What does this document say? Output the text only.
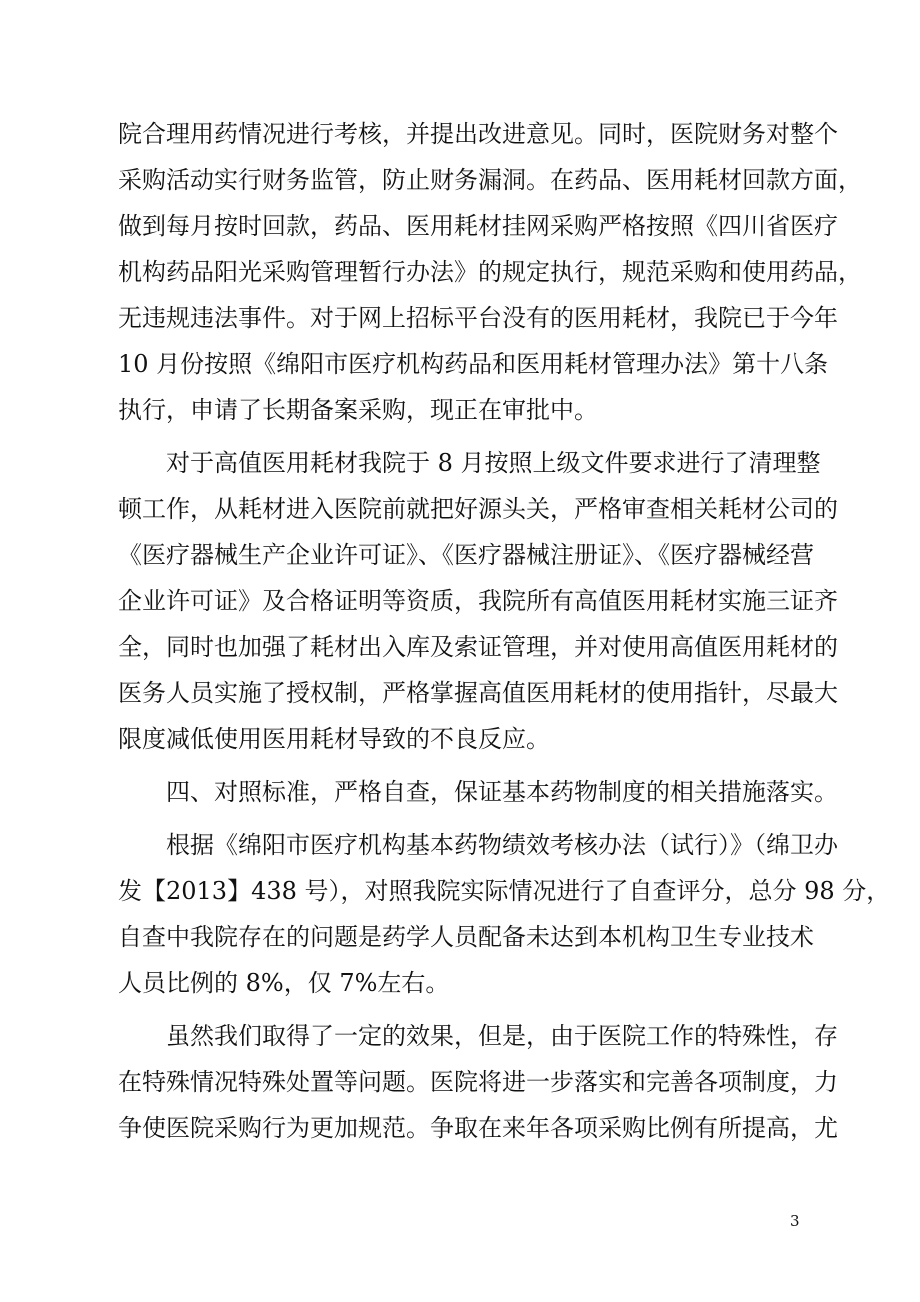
院合理用药情况进行考核，并提出改进意见。同时，医院财务对整个
采购活动实行财务监管，防止财务漏洞。在药品、医用耗材回款方面，
做到每月按时回款，药品、医用耗材挂网采购严格按照《四川省医疗
机构药品阳光采购管理暂行办法》的规定执行，规范采购和使用药品，
无违规违法事件。对于网上招标平台没有的医用耗材，我院已于今年
10 月份按照《绵阳市医疗机构药品和医用耗材管理办法》第十八条
执行，申请了长期备案采购，现正在审批中。
对于高值医用耗材我院于 8 月按照上级文件要求进行了清理整
顿工作，从耗材进入医院前就把好源头关，严格审查相关耗材公司的
《医疗器械生产企业许可证》、《医疗器械注册证》、《医疗器械经营
企业许可证》及合格证明等资质，我院所有高值医用耗材实施三证齐
全，同时也加强了耗材出入库及索证管理，并对使用高值医用耗材的
医务人员实施了授权制，严格掌握高值医用耗材的使用指针，尽最大
限度减低使用医用耗材导致的不良反应。
四、对照标准，严格自查，保证基本药物制度的相关措施落实。
根据《绵阳市医疗机构基本药物绩效考核办法（试行）》（绵卫办
发【2013】438 号），对照我院实际情况进行了自查评分，总分 98 分，
自查中我院存在的问题是药学人员配备未达到本机构卫生专业技术
人员比例的 8%，仅 7%左右。
虽然我们取得了一定的效果，但是，由于医院工作的特殊性，存
在特殊情况特殊处置等问题。医院将进一步落实和完善各项制度，力
争使医院采购行为更加规范。争取在来年各项采购比例有所提高，尤
3
